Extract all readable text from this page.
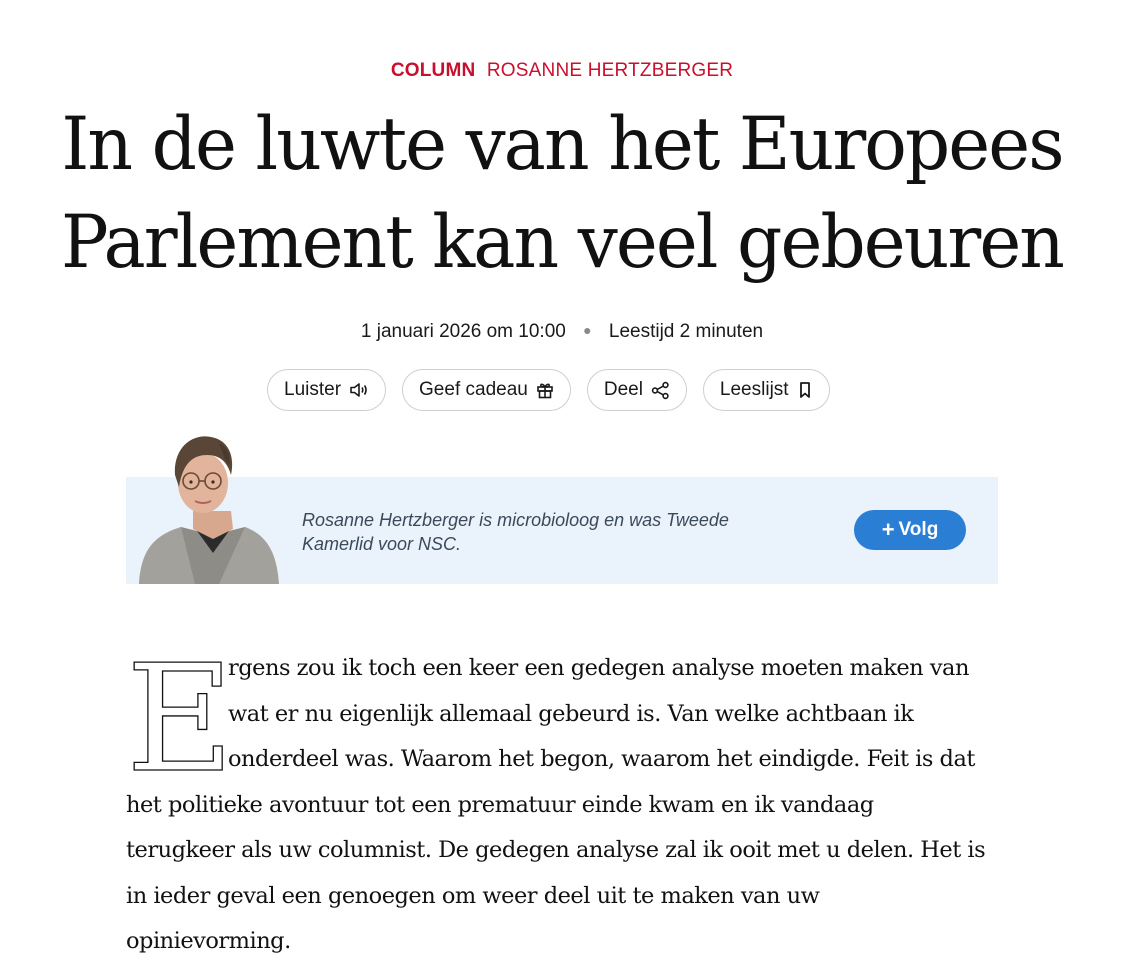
COLUMN ROSANNE HERTZBERGER
In de luwte van het Europees Parlement kan veel gebeuren
1 januari 2026 om 10:00 ● Leestijd 2 minuten
Luister	Geef cadeau	Deel	Leeslijst
Rosanne Hertzberger is microbioloog en was Tweede Kamerlid voor NSC.
+ Volg
E
rgens zou ik toch een keer een gedegen analyse moeten maken van
wat er nu eigenlijk allemaal gebeurd is. Van welke achtbaan ik
onderdeel was. Waarom het begon, waarom het eindigde. Feit is dat
het politieke avontuur tot een prematuur einde kwam en ik vandaag
terugkeer als uw columnist. De gedegen analyse zal ik ooit met u delen. Het is
in ieder geval een genoegen om weer deel uit te maken van uw
opinievorming.
